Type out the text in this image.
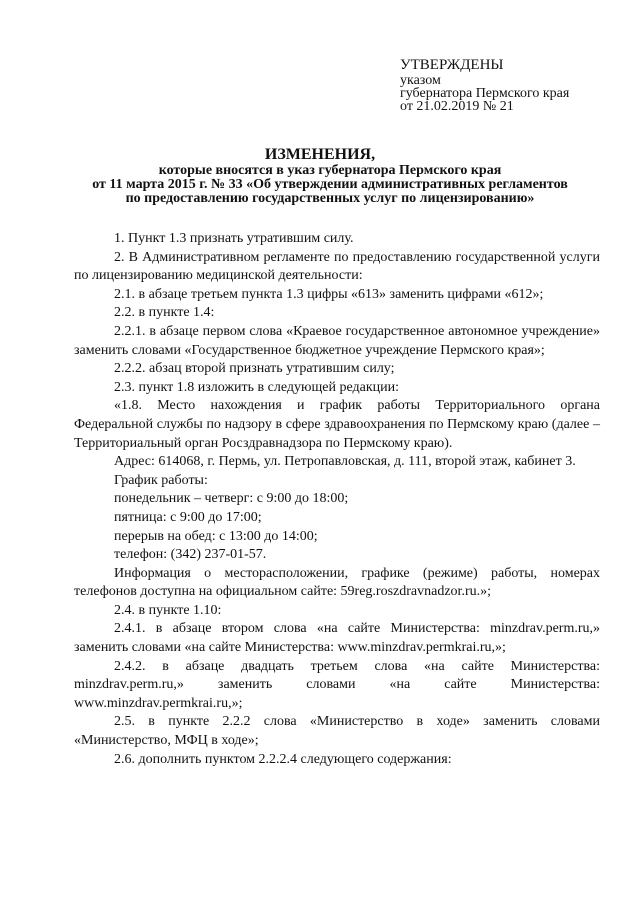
УТВЕРЖДЕНЫ
указом
губернатора Пермского края
от 21.02.2019 № 21
ИЗМЕНЕНИЯ,
которые вносятся в указ губернатора Пермского края
от 11 марта 2015 г. № 33 «Об утверждении административных регламентов
по предоставлению государственных услуг по лицензированию»

1. Пункт 1.3 признать утратившим силу.

2. В Административном регламенте по предоставлению государственной услуги по лицензированию медицинской деятельности:

2.1. в абзаце третьем пункта 1.3 цифры «613» заменить цифрами «612»;

2.2. в пункте 1.4:

2.2.1. в абзаце первом слова «Краевое государственное автономное учреждение» заменить словами «Государственное бюджетное учреждение Пермского края»;

2.2.2. абзац второй признать утратившим силу;

2.3. пункт 1.8 изложить в следующей редакции:

«1.8. Место нахождения и график работы Территориального органа Федеральной службы по надзору в сфере здравоохранения по Пермскому краю (далее – Территориальный орган Росздравнадзора по Пермскому краю).

Адрес: 614068, г. Пермь, ул. Петропавловская, д. 111, второй этаж, кабинет 3.

График работы:

понедельник – четверг: с 9:00 до 18:00;

пятница: с 9:00 до 17:00;

перерыв на обед: с 13:00 до 14:00;

телефон: (342) 237-01-57.

Информация о месторасположении, графике (режиме) работы, номерах телефонов доступна на официальном сайте: 59reg.roszdravnadzor.ru.»;

2.4. в пункте 1.10:

2.4.1. в абзаце втором слова «на сайте Министерства: minzdrav.perm.ru,» заменить словами «на сайте Министерства: www.minzdrav.permkrai.ru,»;

2.4.2. в абзаце двадцать третьем слова «на сайте Министерства: minzdrav.perm.ru,» заменить словами «на сайте Министерства: www.minzdrav.permkrai.ru,»;

2.5. в пункте 2.2.2 слова «Министерство в ходе» заменить словами «Министерство, МФЦ в ходе»;

2.6. дополнить пунктом 2.2.2.4 следующего содержания:
